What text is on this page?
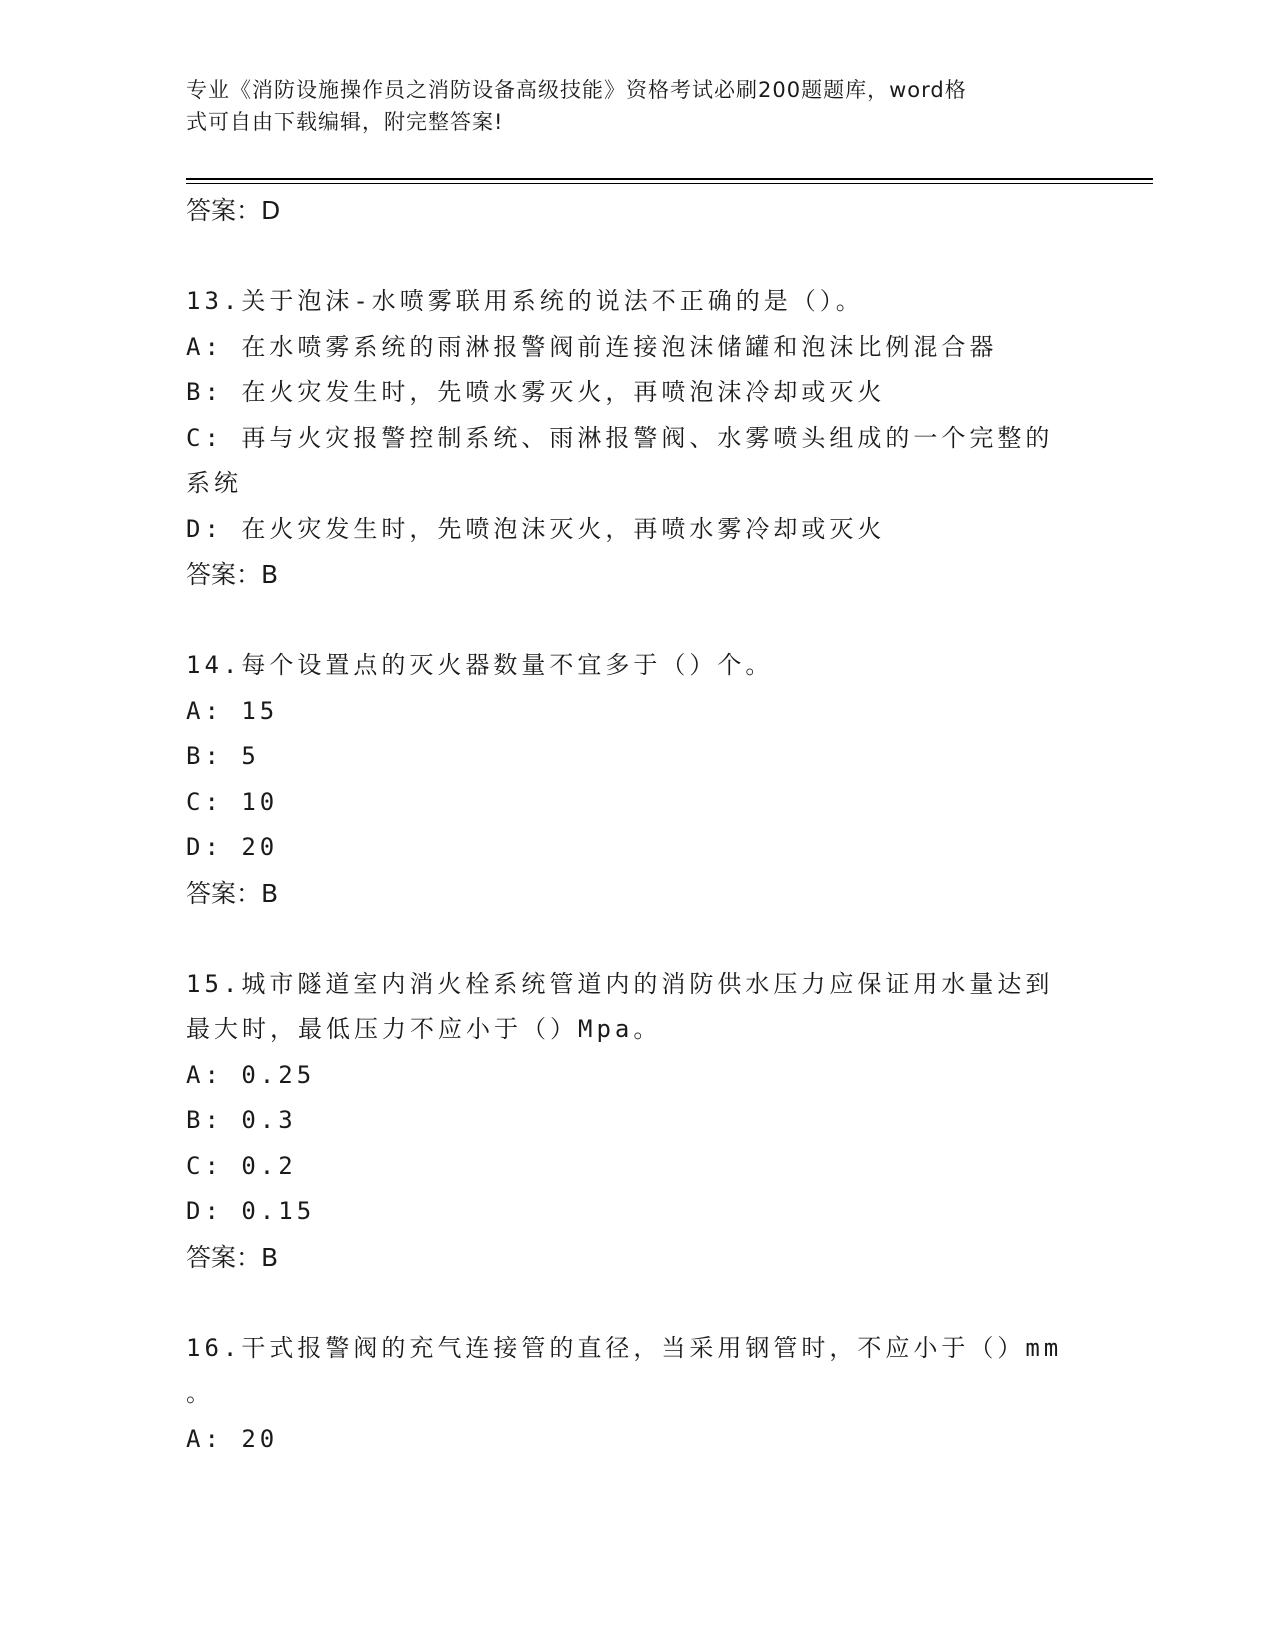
专业《消防设施操作员之消防设备高级技能》资格考试必刷200题题库，word格
式可自由下载编辑，附完整答案!
答案：D
13.关于泡沫-水喷雾联用系统的说法不正确的是（）。
A: 在水喷雾系统的雨淋报警阀前连接泡沫储罐和泡沫比例混合器
B: 在火灾发生时，先喷水雾灭火，再喷泡沫冷却或灭火
C: 再与火灾报警控制系统、雨淋报警阀、水雾喷头组成的一个完整的
系统
D: 在火灾发生时，先喷泡沫灭火，再喷水雾冷却或灭火
答案：B
14.每个设置点的灭火器数量不宜多于（）个。
A: 15
B: 5
C: 10
D: 20
答案：B
15.城市隧道室内消火栓系统管道内的消防供水压力应保证用水量达到
最大时，最低压力不应小于（）Mpa。
A: 0.25
B: 0.3
C: 0.2
D: 0.15
答案：B
16.干式报警阀的充气连接管的直径，当采用钢管时，不应小于（）mm
。
A: 20
